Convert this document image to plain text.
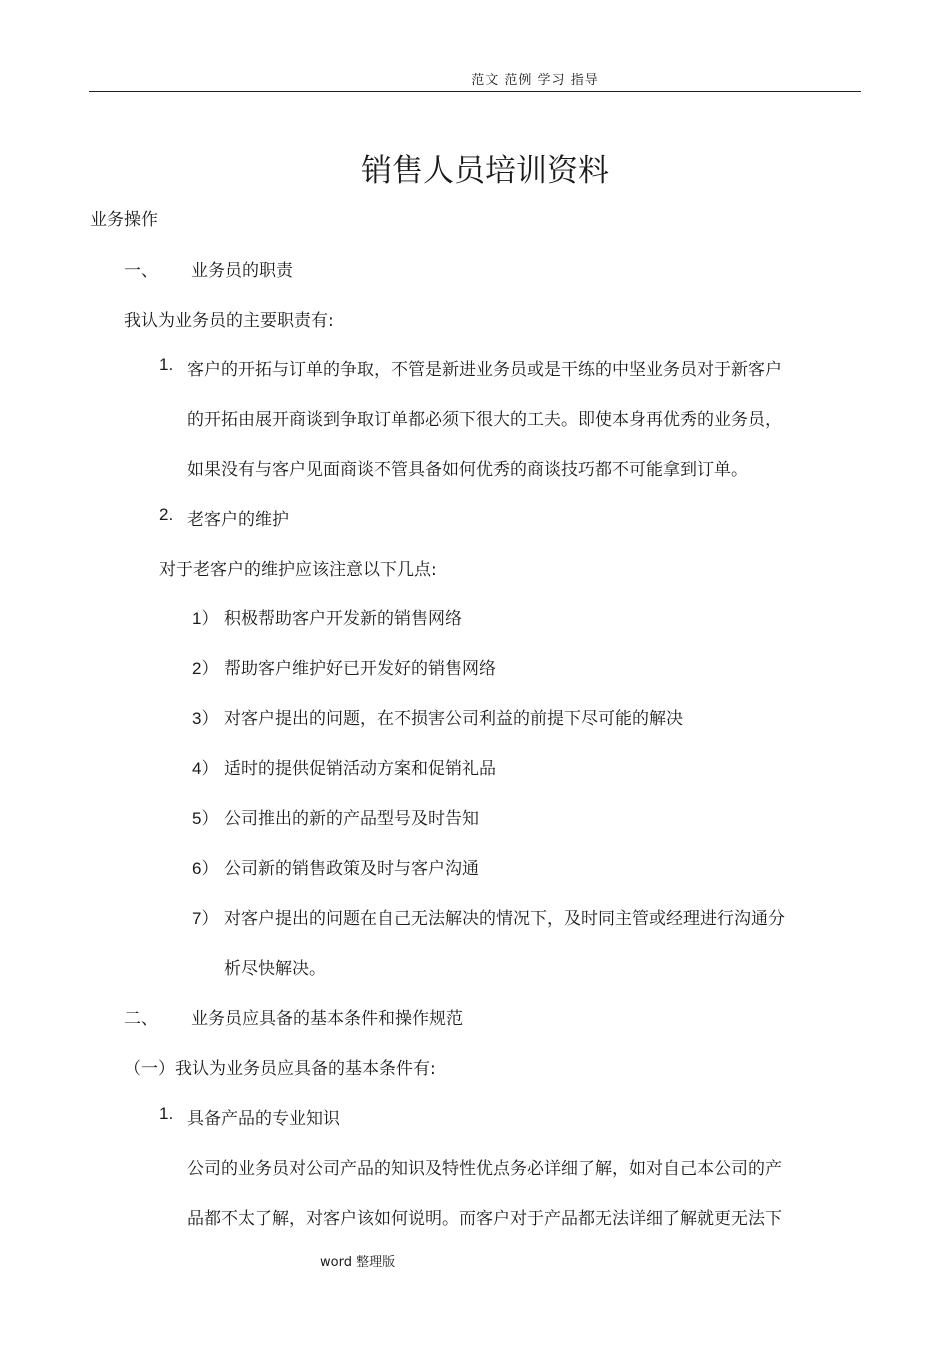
范文 范例 学习 指导
销售人员培训资料
业务操作
一、 业务员的职责
我认为业务员的主要职责有:
1. 客户的开拓与订单的争取，不管是新进业务员或是干练的中坚业务员对于新客户
的开拓由展开商谈到争取订单都必须下很大的工夫。即使本身再优秀的业务员，
如果没有与客户见面商谈不管具备如何优秀的商谈技巧都不可能拿到订单。
2. 老客户的维护
对于老客户的维护应该注意以下几点:
1） 积极帮助客户开发新的销售网络
2） 帮助客户维护好已开发好的销售网络
3） 对客户提出的问题，在不损害公司利益的前提下尽可能的解决
4） 适时的提供促销活动方案和促销礼品
5） 公司推出的新的产品型号及时告知
6） 公司新的销售政策及时与客户沟通
7） 对客户提出的问题在自己无法解决的情况下，及时同主管或经理进行沟通分
析尽快解决。
二、 业务员应具备的基本条件和操作规范
（一）我认为业务员应具备的基本条件有:
1. 具备产品的专业知识
公司的业务员对公司产品的知识及特性优点务必详细了解，如对自己本公司的产
品都不太了解，对客户该如何说明。而客户对于产品都无法详细了解就更无法下
word 整理版
